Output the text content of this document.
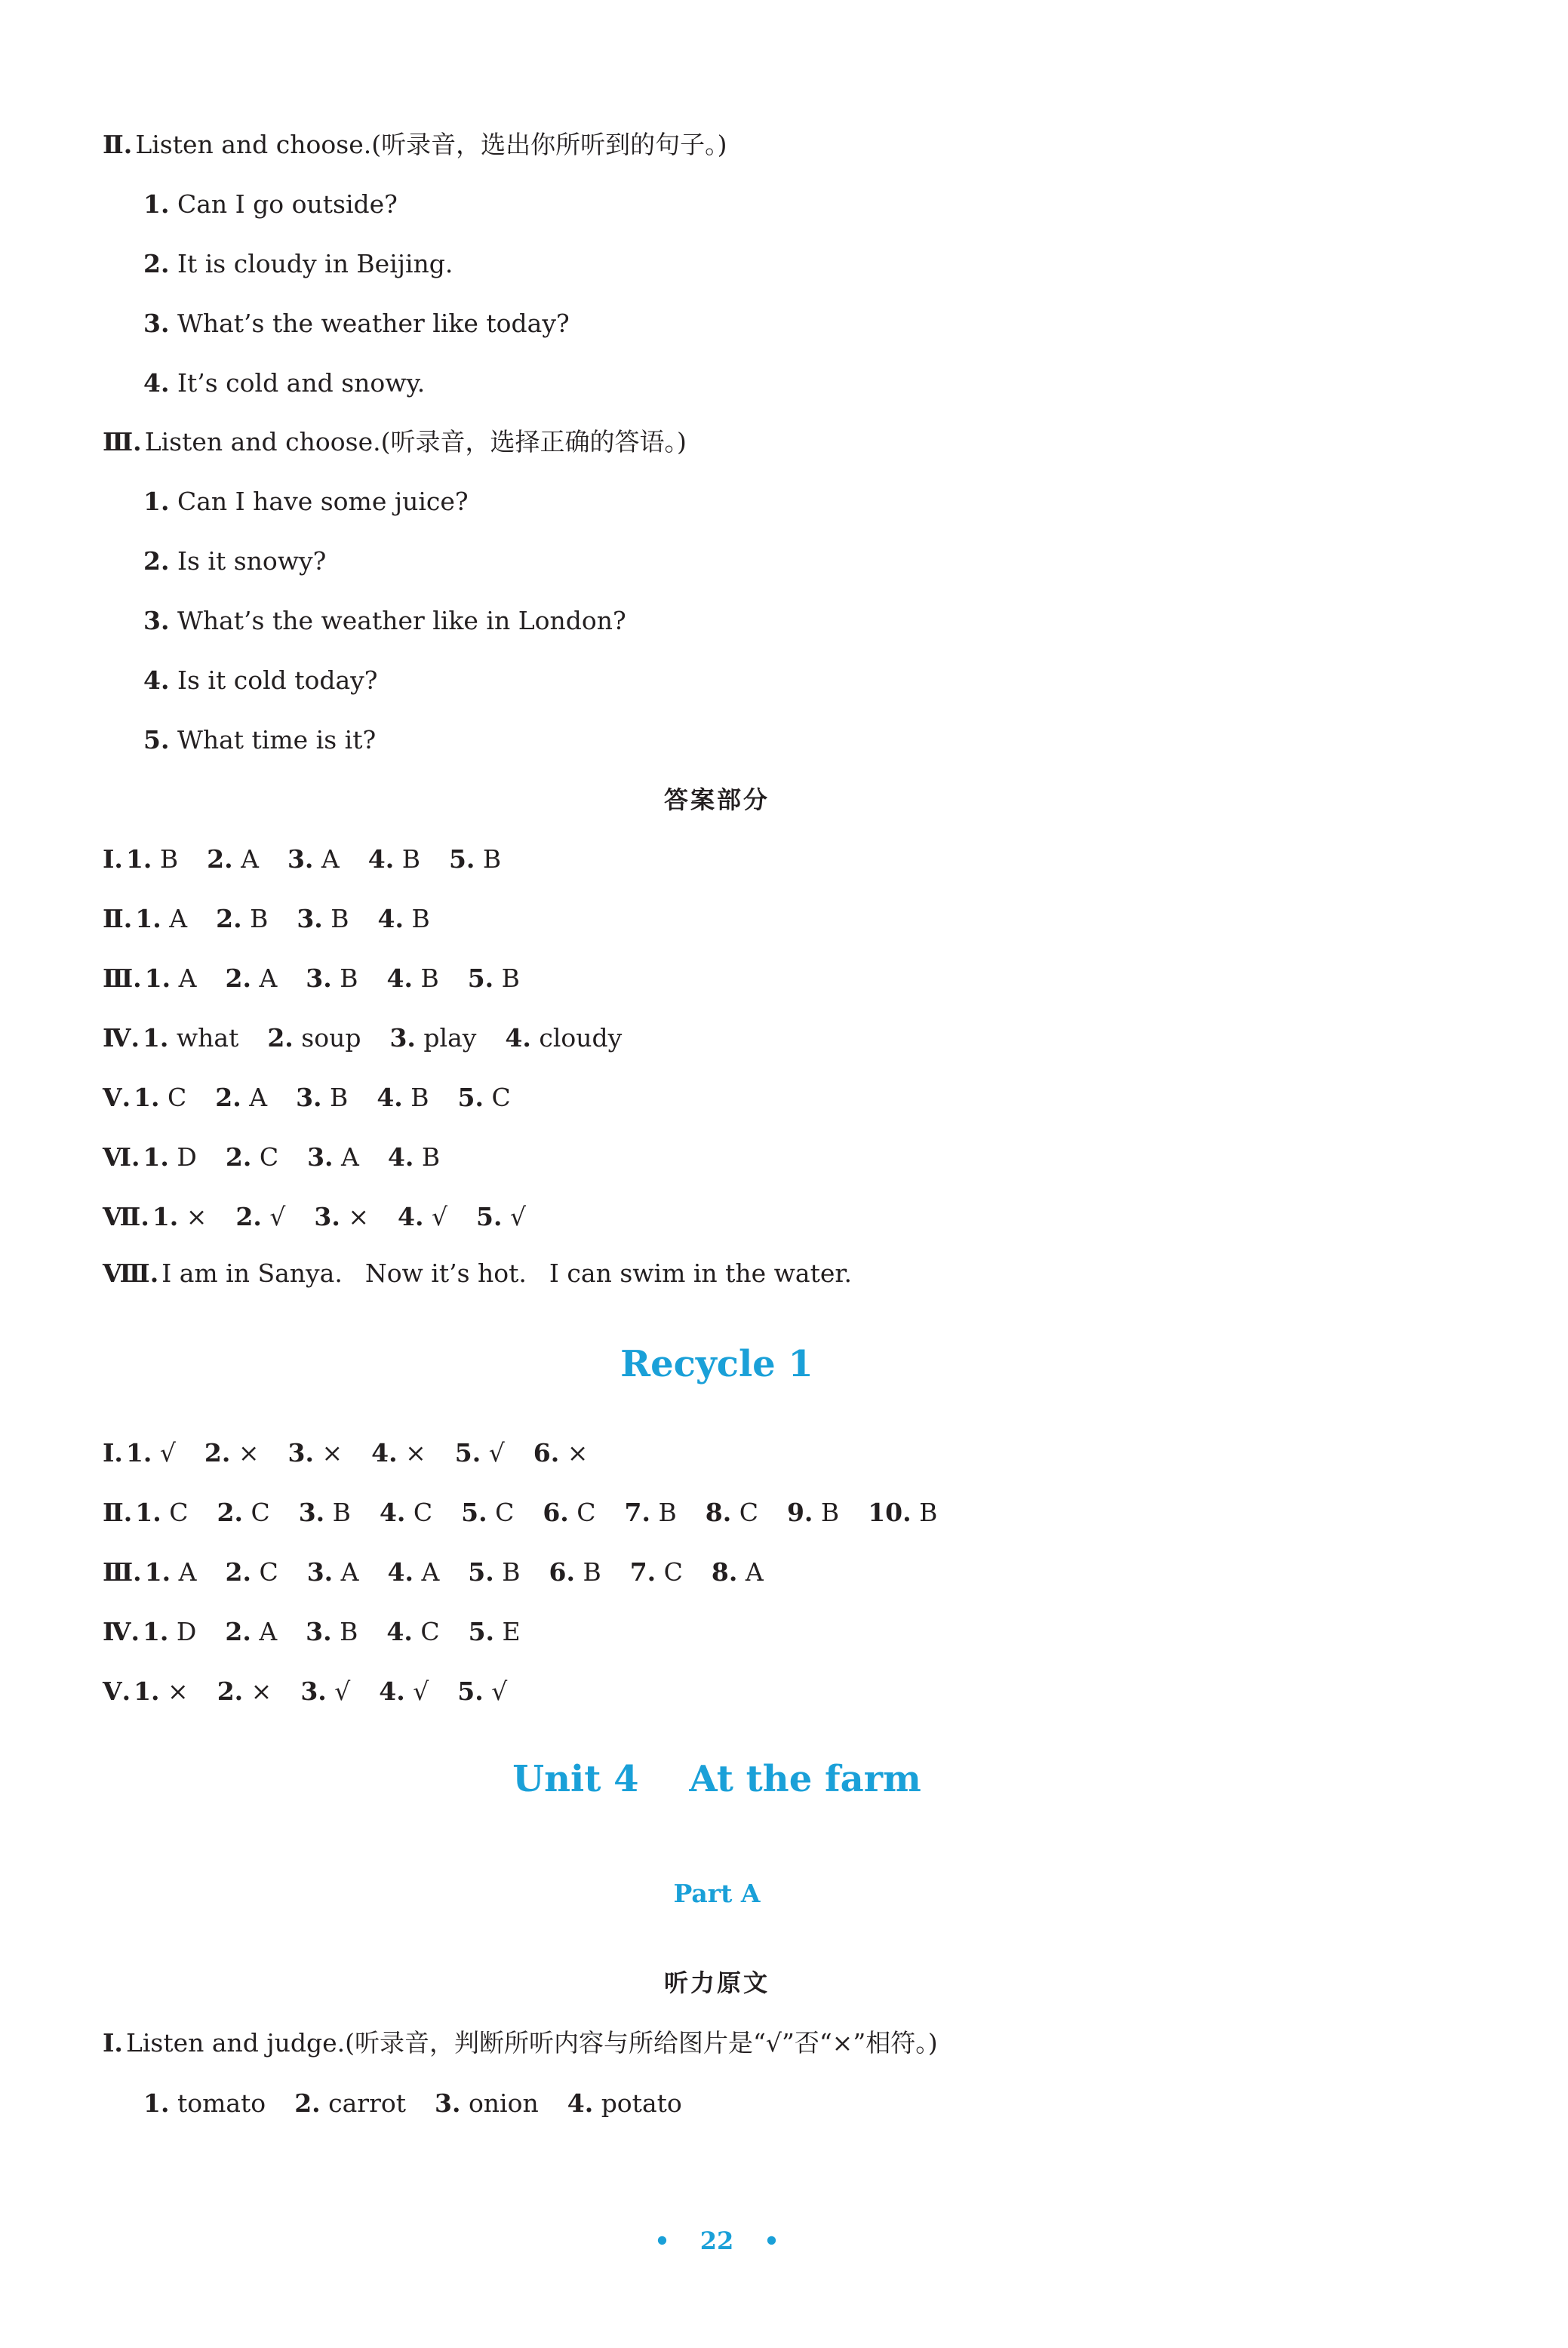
Ⅱ. Listen and choose.(听录音，选出你所听到的句子。)
1. Can I go outside?
2. It is cloudy in Beijing.
3. What’s the weather like today?
4. It’s cold and snowy.
Ⅲ. Listen and choose.(听录音，选择正确的答语。)
1. Can I have some juice?
2. Is it snowy?
3. What’s the weather like in London?
4. Is it cold today?
5. What time is it?
答案部分
Ⅰ. 1. B 2. A 3. A 4. B 5. B
Ⅱ. 1. A 2. B 3. B 4. B
Ⅲ. 1. A 2. A 3. B 4. B 5. B
Ⅳ. 1. what 2. soup 3. play 4. cloudy
Ⅴ. 1. C 2. A 3. B 4. B 5. C
Ⅵ. 1. D 2. C 3. A 4. B
Ⅶ. 1. × 2. √ 3. × 4. √ 5. √
Ⅷ. I am in Sanya. Now it’s hot. I can swim in the water.
Recycle 1
Ⅰ. 1. √ 2. × 3. × 4. × 5. √ 6. ×
Ⅱ. 1. C 2. C 3. B 4. C 5. C 6. C 7. B 8. C 9. B 10. B
Ⅲ. 1. A 2. C 3. A 4. A 5. B 6. B 7. C 8. A
Ⅳ. 1. D 2. A 3. B 4. C 5. E
Ⅴ. 1. × 2. × 3. √ 4. √ 5. √
Unit 4    At the farm
Part A
听力原文
Ⅰ. Listen and judge.(听录音，判断所听内容与所给图片是“√”否“×”相符。)
1. tomato 2. carrot 3. onion 4. potato
• 22 •
